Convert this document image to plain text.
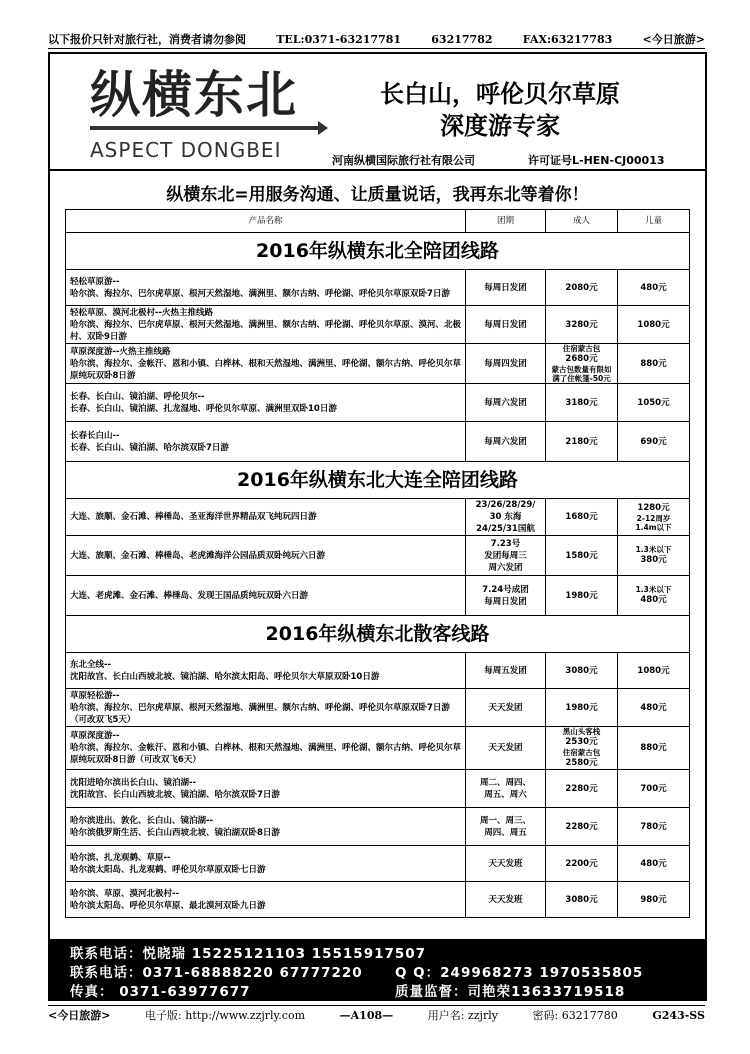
以下报价只针对旅行社，消费者请勿参阅	TEL:0371-63217781	63217782	FAX:63217783	<今日旅游>
纵横东北
ASPECT DONGBEI
长白山，呼伦贝尔草原
深度游专家
河南纵横国际旅行社有限公司	许可证号L-HEN-CJ00013
纵横东北=用服务沟通、让质量说话，我再东北等着你！
产品名称	团期	成人	儿童
2016年纵横东北全陪团线路			

轻松草原游--
哈尔滨、海拉尔、巴尔虎草原、根河天然湿地、满洲里、额尔古纳、呼伦湖、呼伦贝尔草原双卧7日游	每周日发团	2080元	480元

轻松草原、漠河北极村--火热主推线路
哈尔滨、海拉尔、巴尔虎草原、根河天然湿地、满洲里、额尔古纳、呼伦湖、呼伦贝尔草原、漠河、北极村、双卧9日游	每周日发团	3280元	1080元

草原深度游--火热主推线路
哈尔滨、海拉尔、金帐汗、恩和小镇、白桦林、根和天然湿地、满洲里、呼伦湖、额尔古纳、呼伦贝尔草原纯玩双卧8日游	每周四发团	住宿蒙古包
2680元
蒙古包数量有限如满了住帐篷-50元	880元

长春、长白山、镜泊湖、呼伦贝尔--
长春、长白山、镜泊湖、扎龙湿地、呼伦贝尔草原、满洲里双卧10日游	每周六发团	3180元	1050元

长春长白山--
长春、长白山、镜泊湖、哈尔滨双卧7日游	每周六发团	2180元	690元
2016年纵横东北大连全陪团线路			
大连、旅顺、金石滩、棒棰岛、圣亚海洋世界精品双飞纯玩四日游	23/26/28/29/
30 东海
24/25/31国航	1680元	1280元
2-12周岁
1.4m以下

大连、旅顺、金石滩、棒棰岛、老虎滩海洋公园品质双卧纯玩六日游	7.23号
发团每周三
周六发团	1580元	1.3米以下
380元

大连、老虎滩、金石滩、棒棰岛、发现王国品质纯玩双卧六日游	7.24号成团
每周日发团	1980元	1.3米以下
480元

2016年纵横东北散客线路			

东北全线--
沈阳故宫、长白山西坡北坡、镜泊湖、哈尔滨太阳岛、呼伦贝尔大草原双卧10日游	每周五发团	3080元	1080元

草原轻松游--
哈尔滨、海拉尔、巴尔虎草原、根河天然湿地、满洲里、额尔古纳、呼伦湖、呼伦贝尔草原双卧7日游（可改双飞5天）	天天发团	1980元	480元

草原深度游--
哈尔滨、海拉尔、金帐汗、恩和小镇、白桦林、根和天然湿地、满洲里、呼伦湖、额尔古纳、呼伦贝尔草原纯玩双卧8日游（可改双飞6天）	天天发团	黑山头客栈
2530元
住宿蒙古包
2580元	880元

沈阳进哈尔滨出长白山、镜泊湖--
沈阳故宫、长白山西坡北坡、镜泊湖、哈尔滨双卧7日游	周二、周四、
周五、周六	2280元	700元

哈尔滨进出、敦化、长白山、镜泊湖--
哈尔滨俄罗斯生活、长白山西坡北坡、镜泊湖双卧8日游	周一、周三、
周四、周五	2280元	780元

哈尔滨、扎龙观鹤、草原--
哈尔滨太阳岛、扎龙观鹤、呼伦贝尔草原双卧七日游	天天发班	2200元	480元

哈尔滨、草原、漠河北极村--
哈尔滨太阳岛、呼伦贝尔草原、最北漠河双卧九日游	天天发班	3080元	980元
联系电话：悦晓瑞 15225121103 15515917507
联系电话：0371-68888220 67777220 Q Q：249968273 1970535805
传真： 0371-63977677	质量监督：司艳荣13633719518
<今日旅游>	电子版: http://www.zzjrly.com	—A108—	用户名: zzjrly	密码: 63217780	G243-SS
